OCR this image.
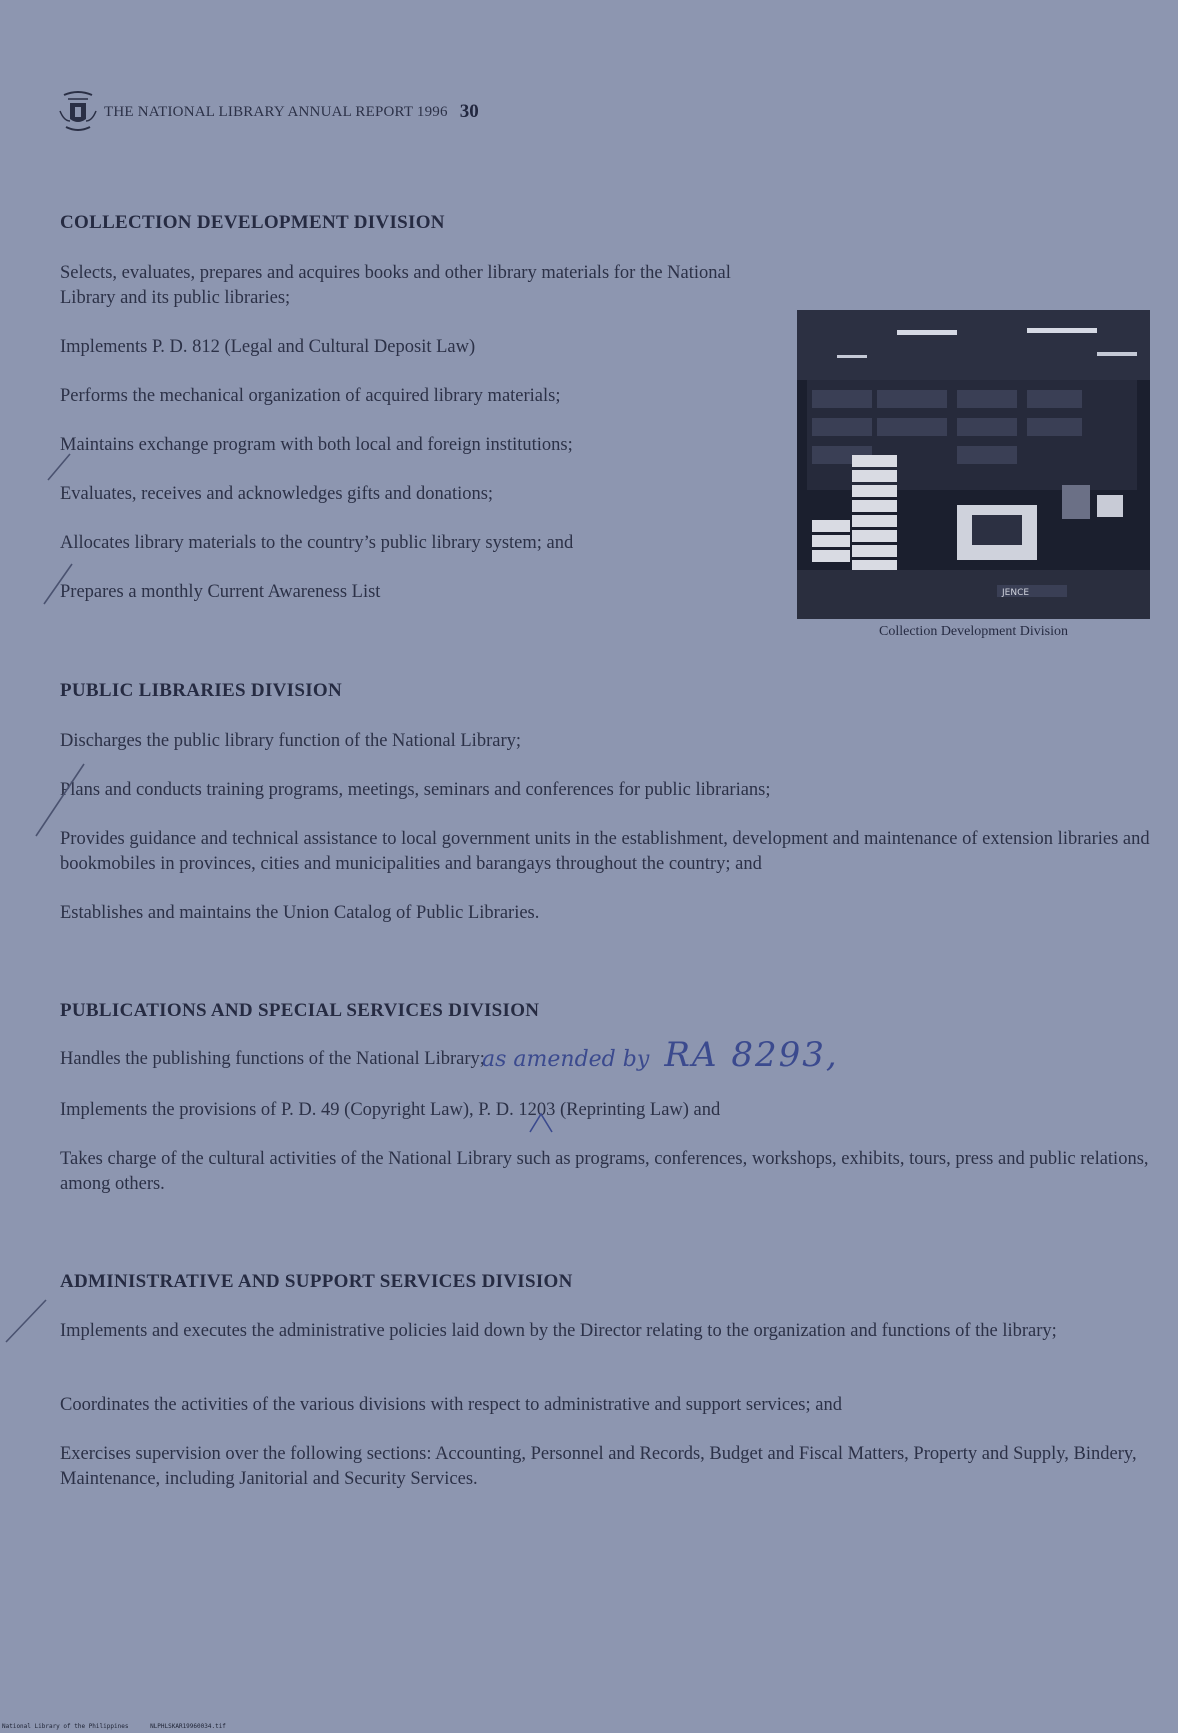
THE NATIONAL LIBRARY ANNUAL REPORT 1996 30
COLLECTION DEVELOPMENT DIVISION

Selects, evaluates, prepares and acquires books and other library materials for the National Library and its public libraries;

Implements P. D. 812 (Legal and Cultural Deposit Law)

Performs the mechanical organization of acquired library materials;

Maintains exchange program with both local and foreign institutions;

Evaluates, receives and acknowledges gifts and donations;

Allocates library materials to the country’s public library system; and

Prepares a monthly Current Awareness List	JENCE
Collection Development Division
PUBLIC LIBRARIES DIVISION

Discharges the public library function of the National Library;

Plans and conducts training programs, meetings, seminars and conferences for public librarians;

Provides guidance and technical assistance to local government units in the establishment, development and maintenance of extension libraries and bookmobiles in provinces, cities and municipalities and barangays throughout the country; and

Establishes and maintains the Union Catalog of Public Libraries.

PUBLICATIONS AND SPECIAL SERVICES DIVISION

Handles the publishing functions of the National Library;

Implements the provisions of P. D. 49 (Copyright Law), P. D. 1203 (Reprinting Law) and

Takes charge of the cultural activities of the National Library such as programs, conferences, workshops, exhibits, tours, press and public relations, among others.

ADMINISTRATIVE AND SUPPORT SERVICES DIVISION

Implements and executes the administrative policies laid down by the Director relating to the organization and functions of the library;

Coordinates the activities of the various divisions with respect to administrative and support services; and

Exercises supervision over the following sections: Accounting, Personnel and Records, Budget and Fiscal Matters, Property and Supply, Bindery, Maintenance, including Janitorial and Security Services.

as amended by RA 8293,
National Library of the Philippines	NLPHLSKAR19960034.tif
